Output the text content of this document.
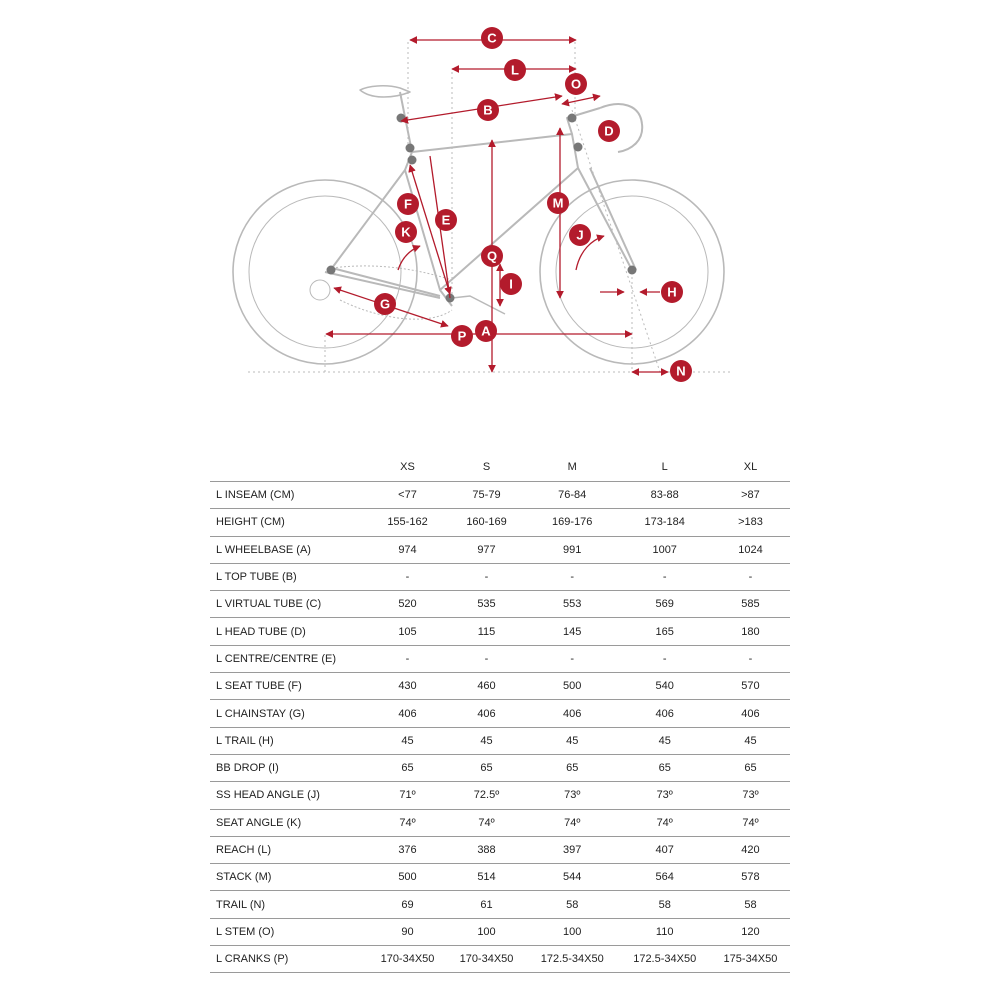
C
L
O
B
D
F
E
M
K	J
Q
I
H
G
A
P
N
	XS	S	M	L	XL
L INSEAM (CM)	<77	75-79	76-84	83-88	>87
HEIGHT (CM)	155-162	160-169	169-176	173-184	>183
L WHEELBASE (A)	974	977	991	1007	1024
L TOP TUBE (B)	-	-	-	-	-
L VIRTUAL TUBE (C)	520	535	553	569	585
L HEAD TUBE (D)	105	115	145	165	180
L CENTRE/CENTRE (E)	-	-	-	-	-
L SEAT TUBE (F)	430	460	500	540	570
L CHAINSTAY (G)	406	406	406	406	406
L TRAIL (H)	45	45	45	45	45
BB DROP (I)	65	65	65	65	65
SS HEAD ANGLE (J)	71º	72.5º	73º	73º	73º
SEAT ANGLE (K)	74º	74º	74º	74º	74º
REACH (L)	376	388	397	407	420
STACK (M)	500	514	544	564	578
TRAIL (N)	69	61	58	58	58
L STEM (O)	90	100	100	110	120
L CRANKS (P)	170-34X50	170-34X50	172.5-34X50	172.5-34X50	175-34X50
